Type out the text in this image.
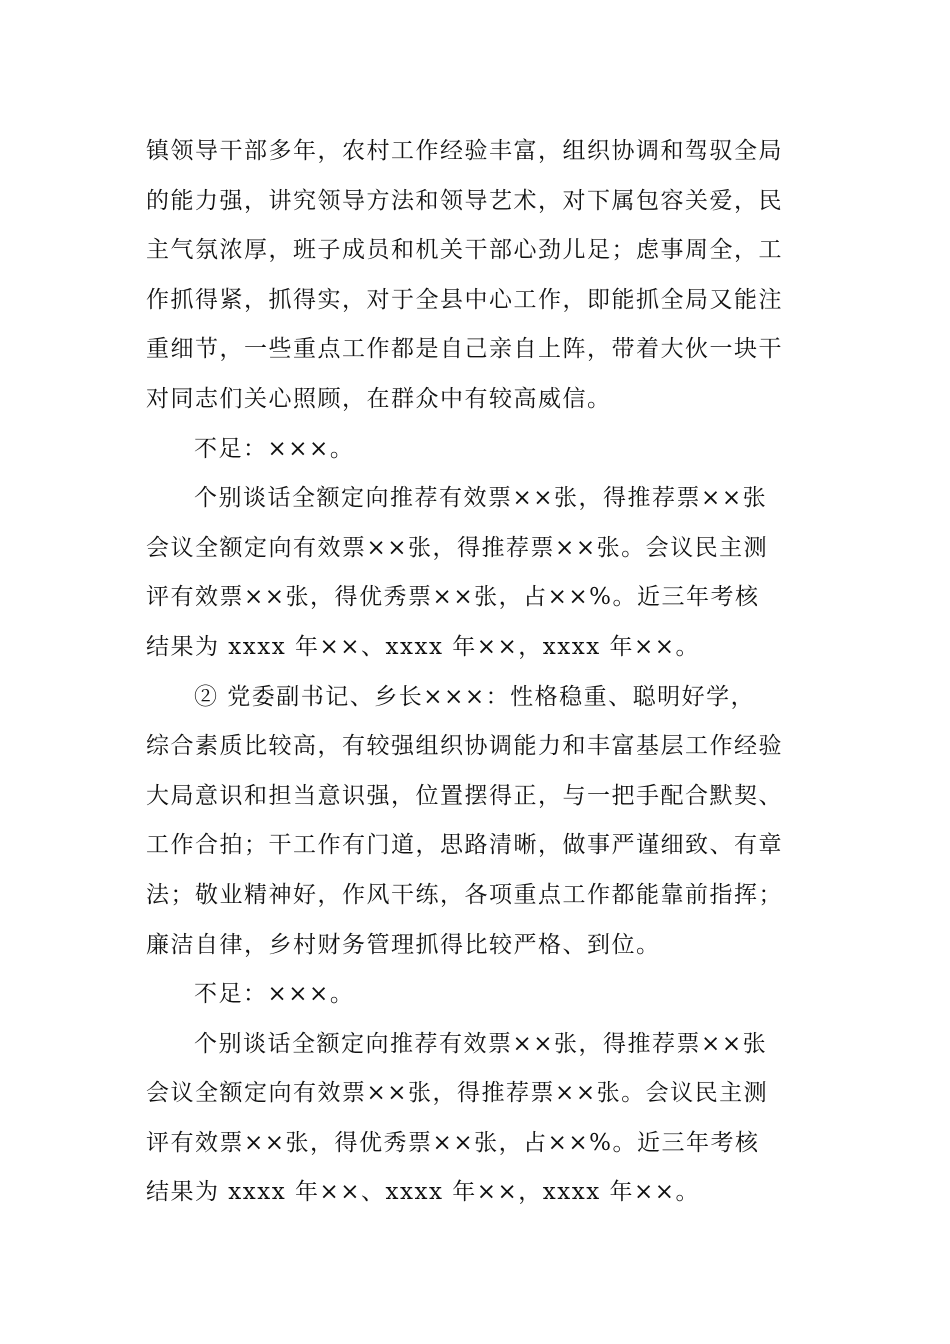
镇领导干部多年，农村工作经验丰富，组织协调和驾驭全局
的能力强，讲究领导方法和领导艺术，对下属包容关爱，民
主气氛浓厚，班子成员和机关干部心劲儿足；虑事周全，工
作抓得紧，抓得实，对于全县中心工作，即能抓全局又能注
重细节，一些重点工作都是自己亲自上阵，带着大伙一块干
对同志们关心照顾，在群众中有较高威信。
不足：×××。
个别谈话全额定向推荐有效票××张，得推荐票××张
会议全额定向有效票××张，得推荐票××张。会议民主测
评有效票××张，得优秀票××张，占××%。近三年考核
结果为 xxxx 年××、xxxx 年××，xxxx 年××。
② 党委副书记、乡长×××：性格稳重、聪明好学，
综合素质比较高，有较强组织协调能力和丰富基层工作经验
大局意识和担当意识强，位置摆得正，与一把手配合默契、
工作合拍；干工作有门道，思路清晰，做事严谨细致、有章
法；敬业精神好，作风干练，各项重点工作都能靠前指挥；
廉洁自律，乡村财务管理抓得比较严格、到位。
不足：×××。
个别谈话全额定向推荐有效票××张，得推荐票××张
会议全额定向有效票××张，得推荐票××张。会议民主测
评有效票××张，得优秀票××张，占××%。近三年考核
结果为 xxxx 年××、xxxx 年××，xxxx 年××。
